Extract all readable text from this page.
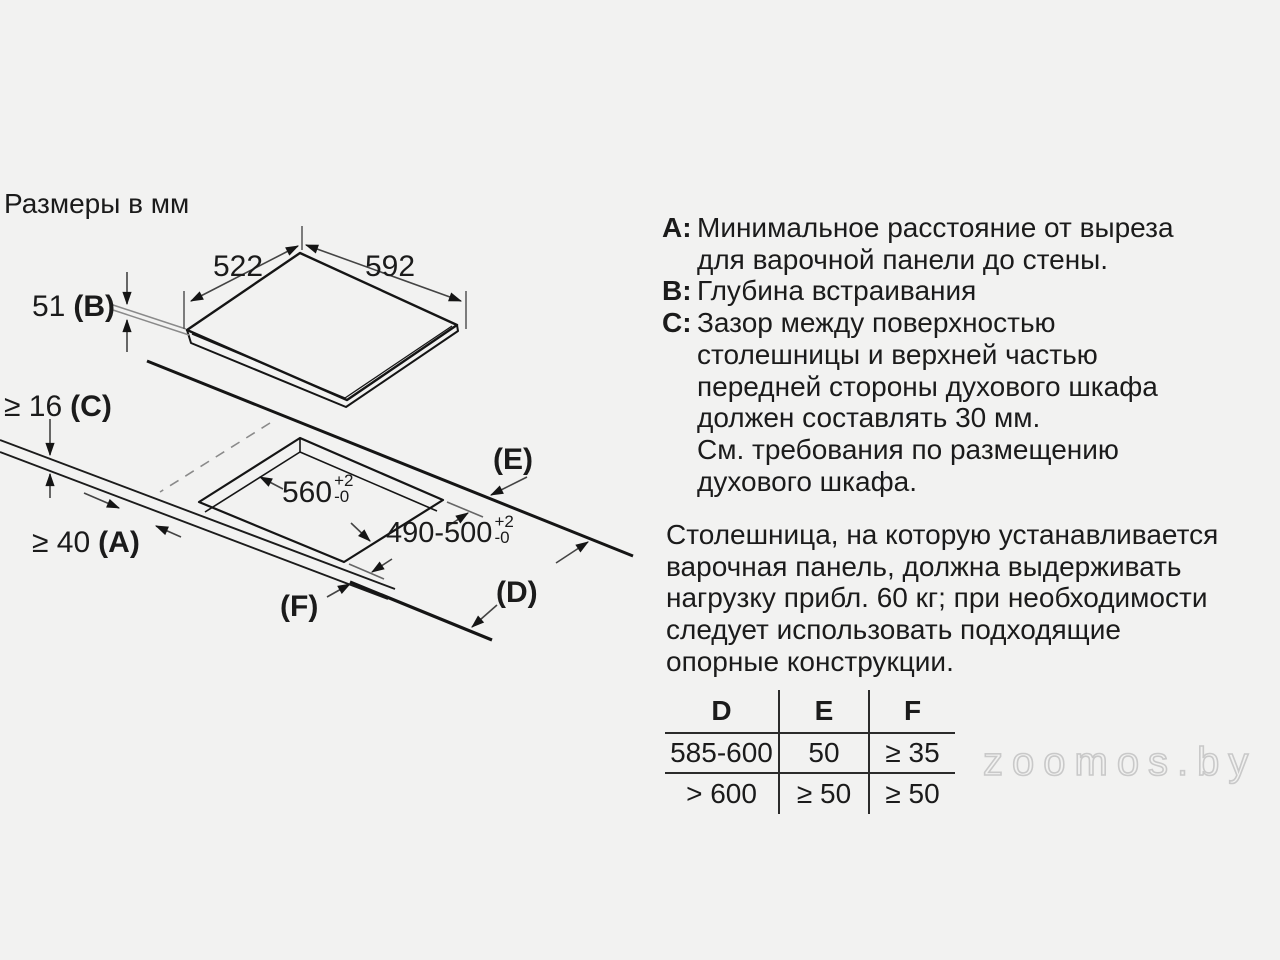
Размеры в мм
522	592
51 (B)
≥ 16 (C)
≥ 40 (A)
(E)
(D)
(F)
560 +2
-0
490-500 +2
-0
A: Минимальное расстояние от выреза
для варочной панели до стены.
B: Глубина встраивания
C: Зазор между поверхностью
столешницы и верхней частью
передней стороны духового шкафа
должен составлять 30 мм.
См. требования по размещению
духового шкафа.
Столешница, на которую устанавливается
варочная панель, должна выдерживать
нагрузку прибл. 60 кг; при необходимости
следует использовать подходящие
опорные конструкции.
D	E	F
585-600	50	≥ 35
> 600	≥ 50	≥ 50
zoomos.by
